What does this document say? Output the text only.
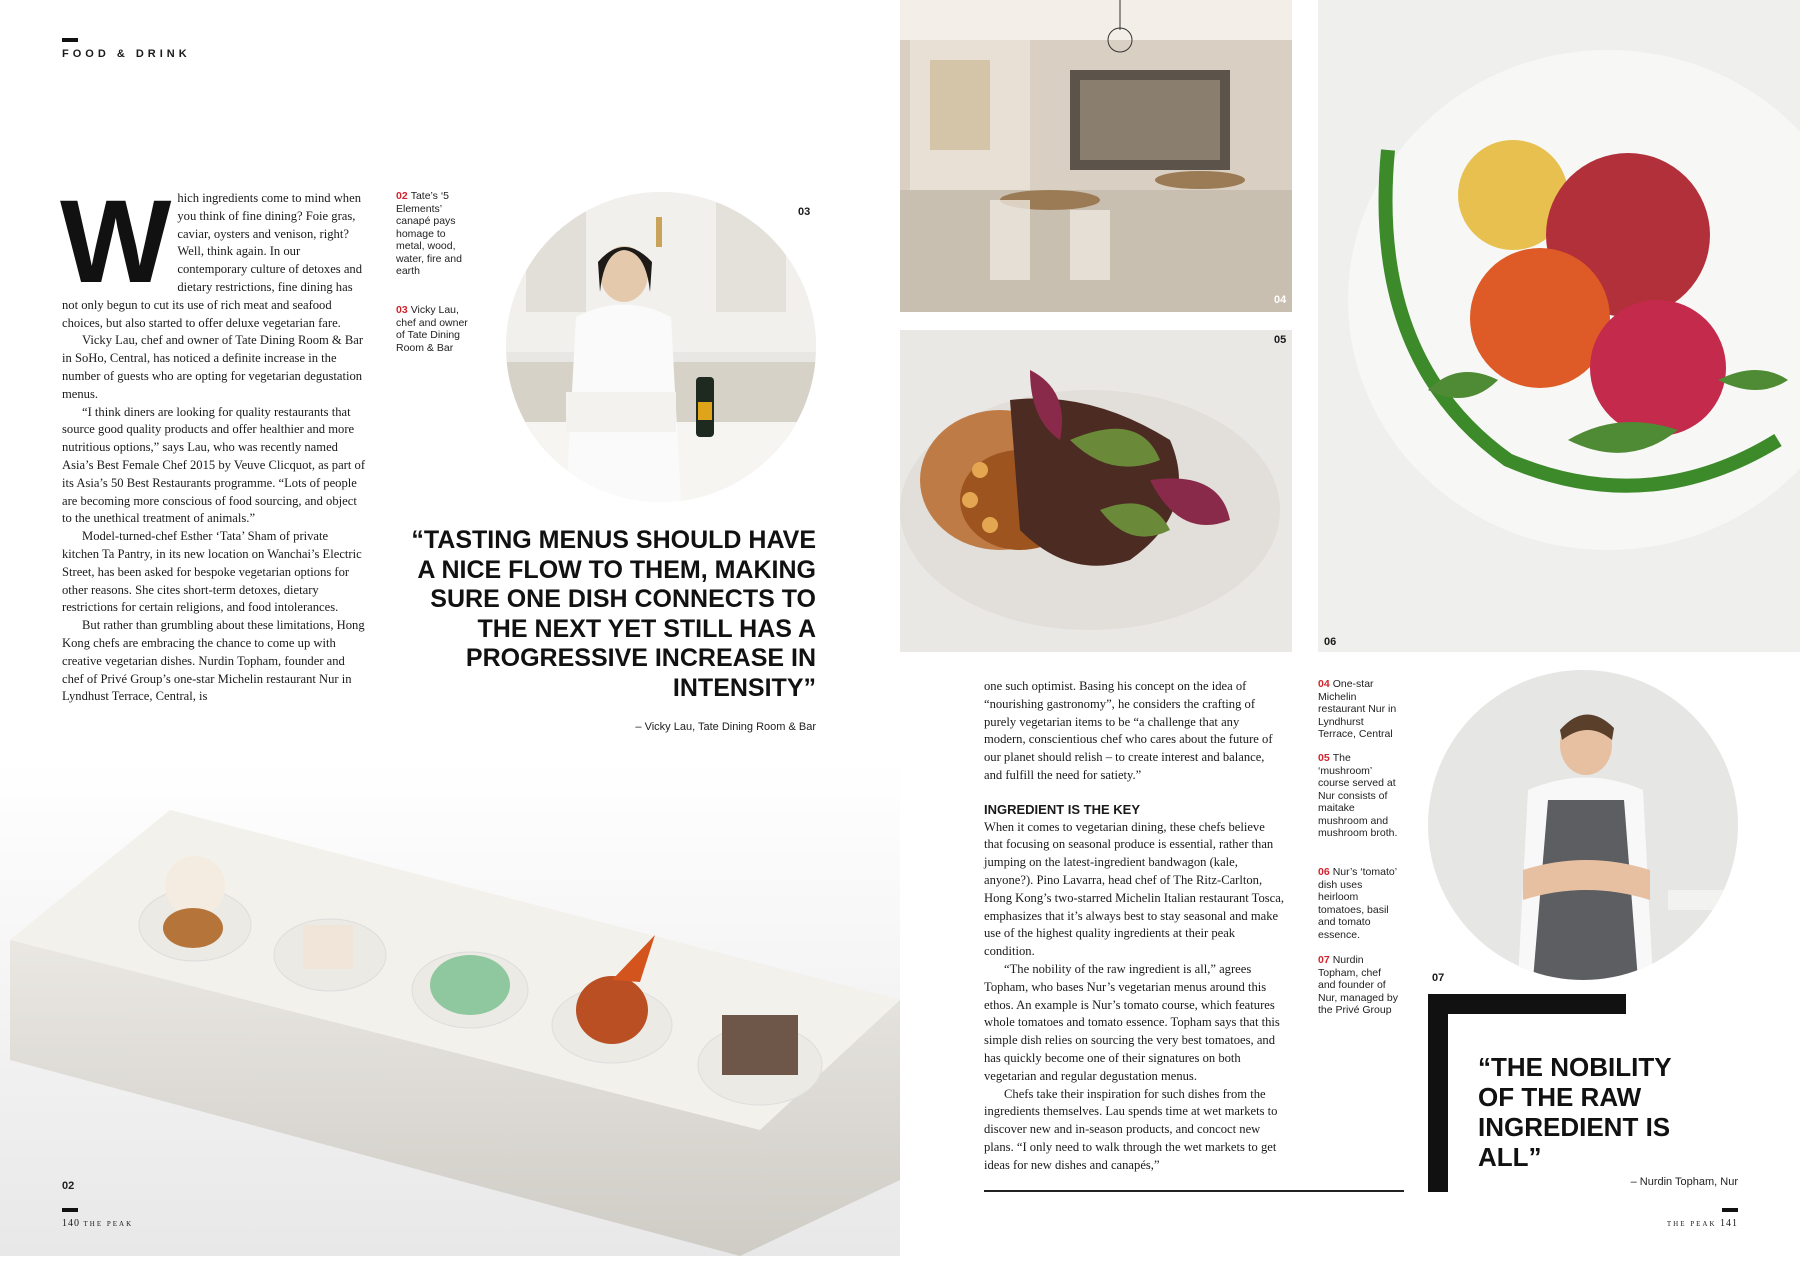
FOOD & DRINK

Which ingredients come to mind when you think of fine dining? Foie gras, caviar, oysters and venison, right? Well, think again. In our contemporary culture of detoxes and dietary restrictions, fine dining has not only begun to cut its use of rich meat and seafood choices, but also started to offer deluxe vegetarian fare.

Vicky Lau, chef and owner of Tate Dining Room & Bar in SoHo, Central, has noticed a definite increase in the number of guests who are opting for vegetarian degustation menus.

“I think diners are looking for quality restaurants that source good quality products and offer healthier and more nutritious options,” says Lau, who was recently named Asia’s Best Female Chef 2015 by Veuve Clicquot, as part of its Asia’s 50 Best Restaurants programme. “Lots of people are becoming more conscious of food sourcing, and object to the unethical treatment of animals.”

Model-turned-chef Esther ‘Tata’ Sham of private kitchen Ta Pantry, in its new location on Wanchai’s Electric Street, has been asked for bespoke vegetarian options for other reasons. She cites short-term detoxes, dietary restrictions for certain religions, and food intolerances.

But rather than grumbling about these limitations, Hong Kong chefs are embracing the chance to come up with creative vegetarian dishes. Nurdin Topham, founder and chef of Privé Group’s one-star Michelin restaurant Nur in Lyndhust Terrace, Central, is

02 Tate’s ‘5 Elements’ canapé pays homage to metal, wood, water, fire and earth
03 Vicky Lau, chef and owner of Tate Dining Room & Bar
03
“TASTING MENUS SHOULD HAVE A NICE FLOW TO THEM, MAKING SURE ONE DISH CONNECTS TO THE NEXT YET STILL HAS A PROGRESSIVE INCREASE IN INTENSITY”
– Vicky Lau, Tate Dining Room & Bar
02
140 THE PEAK
04
06
05

one such optimist. Basing his concept on the idea of “nourishing gastronomy”, he considers the crafting of purely vegetarian items to be “a challenge that any modern, conscientious chef who cares about the future of our planet should relish – to create interest and balance, and fulfill the need for satiety.”

INGREDIENT IS THE KEY

When it comes to vegetarian dining, these chefs believe that focusing on seasonal produce is essential, rather than jumping on the latest-ingredient bandwagon (kale, anyone?). Pino Lavarra, head chef of The Ritz-Carlton, Hong Kong’s two-starred Michelin Italian restaurant Tosca, emphasizes that it’s always best to stay seasonal and make use of the highest quality ingredients at their peak condition.

“The nobility of the raw ingredient is all,” agrees Topham, who bases Nur’s vegetarian menus around this ethos. An example is Nur’s tomato course, which features whole tomatoes and tomato essence. Topham says that this simple dish relies on sourcing the very best tomatoes, and has quickly become one of their signatures on both vegetarian and regular degustation menus.

Chefs take their inspiration for such dishes from the ingredients themselves. Lau spends time at wet markets to discover new and in-season products, and concoct new plans. “I only need to walk through the wet markets to get ideas for new dishes and canapés,”

04 One-star Michelin restaurant Nur in Lyndhurst Terrace, Central
05 The ‘mushroom’ course served at Nur consists of maitake mushroom and mushroom broth.
06 Nur’s ‘tomato’ dish uses heirloom tomatoes, basil and tomato essence.
07 Nurdin Topham, chef and founder of Nur, managed by the Privé Group
07
“THE NOBILITY OF THE RAW INGREDIENT IS ALL”
– Nurdin Topham, Nur
THE PEAK 141
